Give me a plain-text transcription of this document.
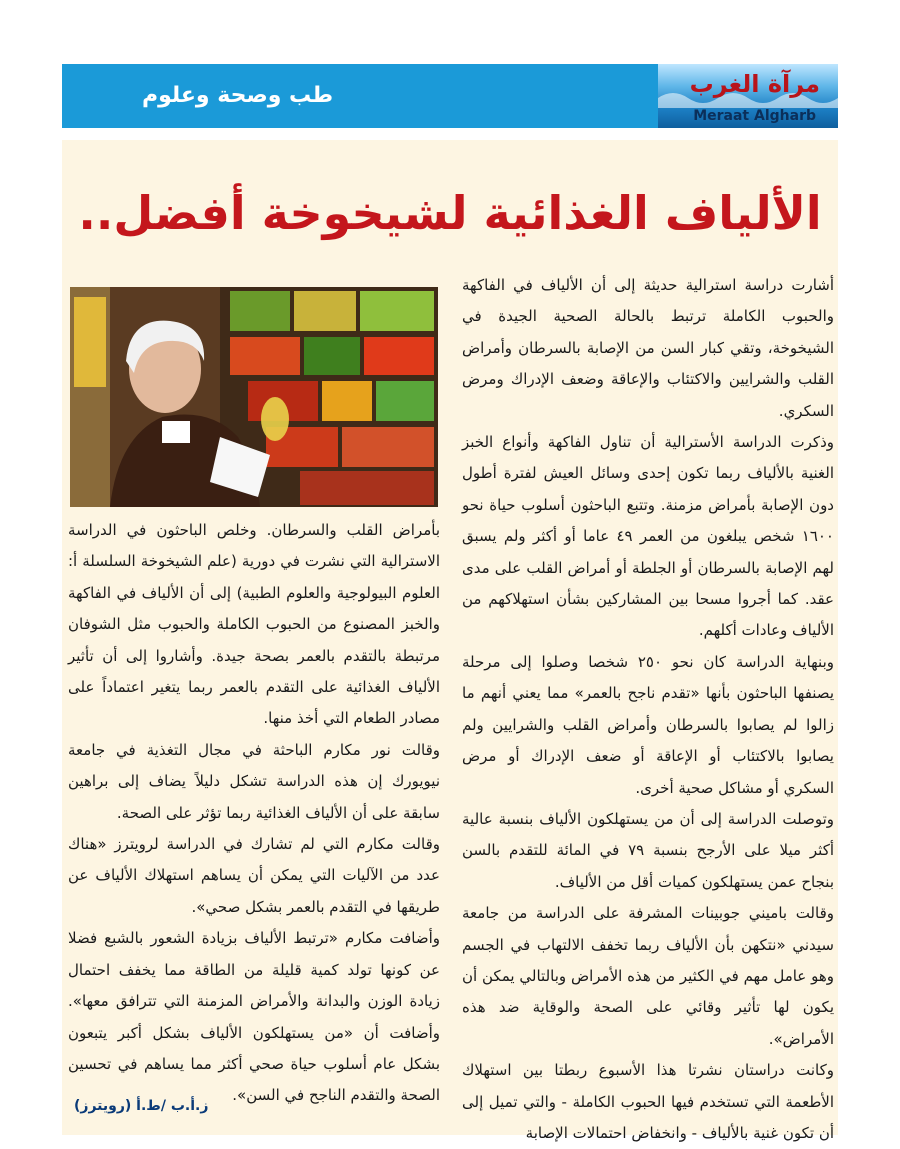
طب وصحة وعلوم	مرآة الغرب
Meraat Algharb
الألياف الغذائية لشيخوخة أفضل..
أشارت دراسة استرالية حديثة إلى أن الألياف في الفاكهة والحبوب الكاملة ترتبط بالحالة الصحية الجيدة في الشيخوخة، وتقي كبار السن من الإصابة بالسرطان وأمراض القلب والشرايين والاكتئاب والإعاقة وضعف الإدراك ومرض السكري.
وذكرت الدراسة الأسترالية أن تناول الفاكهة وأنواع الخبز الغنية بالألياف ربما تكون إحدى وسائل العيش لفترة أطول دون الإصابة بأمراض مزمنة. وتتبع الباحثون أسلوب حياة نحو ١٦٠٠ شخص يبلغون من العمر ٤٩ عاما أو أكثر ولم يسبق لهم الإصابة بالسرطان أو الجلطة أو أمراض القلب على مدى عقد. كما أجروا مسحا بين المشاركين بشأن استهلاكهم من الألياف وعادات أكلهم.
وبنهاية الدراسة كان نحو ٢٥٠ شخصا وصلوا إلى مرحلة يصنفها الباحثون بأنها «تقدم ناجح بالعمر» مما يعني أنهم ما زالوا لم يصابوا بالسرطان وأمراض القلب والشرايين ولم يصابوا بالاكتئاب أو الإعاقة أو ضعف الإدراك أو مرض السكري أو مشاكل صحية أخرى.
وتوصلت الدراسة إلى أن من يستهلكون الألياف بنسبة عالية أكثر ميلا على الأرجح بنسبة ٧٩ في المائة للتقدم بالسن بنجاح عمن يستهلكون كميات أقل من الألياف.
وقالت باميني جوبينات المشرفة على الدراسة من جامعة سيدني «نتكهن بأن الألياف ربما تخفف الالتهاب في الجسم وهو عامل مهم في الكثير من هذه الأمراض وبالتالي يمكن أن يكون لها تأثير وقائي على الصحة والوقاية ضد هذه الأمراض».
وكانت دراستان نشرتا هذا الأسبوع ربطتا بين استهلاك الأطعمة التي تستخدم فيها الحبوب الكاملة - والتي تميل إلى أن تكون غنية بالألياف - وانخفاض احتمالات الإصابة
بأمراض القلب والسرطان. وخلص الباحثون في الدراسة الاسترالية التي نشرت في دورية (علم الشيخوخة السلسلة أ: العلوم البيولوجية والعلوم الطبية) إلى أن الألياف في الفاكهة والخبز المصنوع من الحبوب الكاملة والحبوب مثل الشوفان مرتبطة بالتقدم بالعمر بصحة جيدة. وأشاروا إلى أن تأثير الألياف الغذائية على التقدم بالعمر ربما يتغير اعتماداً على مصادر الطعام التي أخذ منها.
وقالت نور مكارم الباحثة في مجال التغذية في جامعة نيويورك إن هذه الدراسة تشكل دليلاً يضاف إلى براهين سابقة على أن الألياف الغذائية ربما تؤثر على الصحة.
وقالت مكارم التي لم تشارك في الدراسة لرويترز «هناك عدد من الآليات التي يمكن أن يساهم استهلاك الألياف عن طريقها في التقدم بالعمر بشكل صحي».
وأضافت مكارم «ترتبط الألياف بزيادة الشعور بالشبع فضلا عن كونها تولد كمية قليلة من الطاقة مما يخفف احتمال زيادة الوزن والبدانة والأمراض المزمنة التي تترافق معها». وأضافت أن «من يستهلكون الألياف بشكل أكبر يتبعون بشكل عام أسلوب حياة صحي أكثر مما يساهم في تحسين الصحة والتقدم الناجح في السن».
ز.أ.ب /ط.أ (رويترز)
